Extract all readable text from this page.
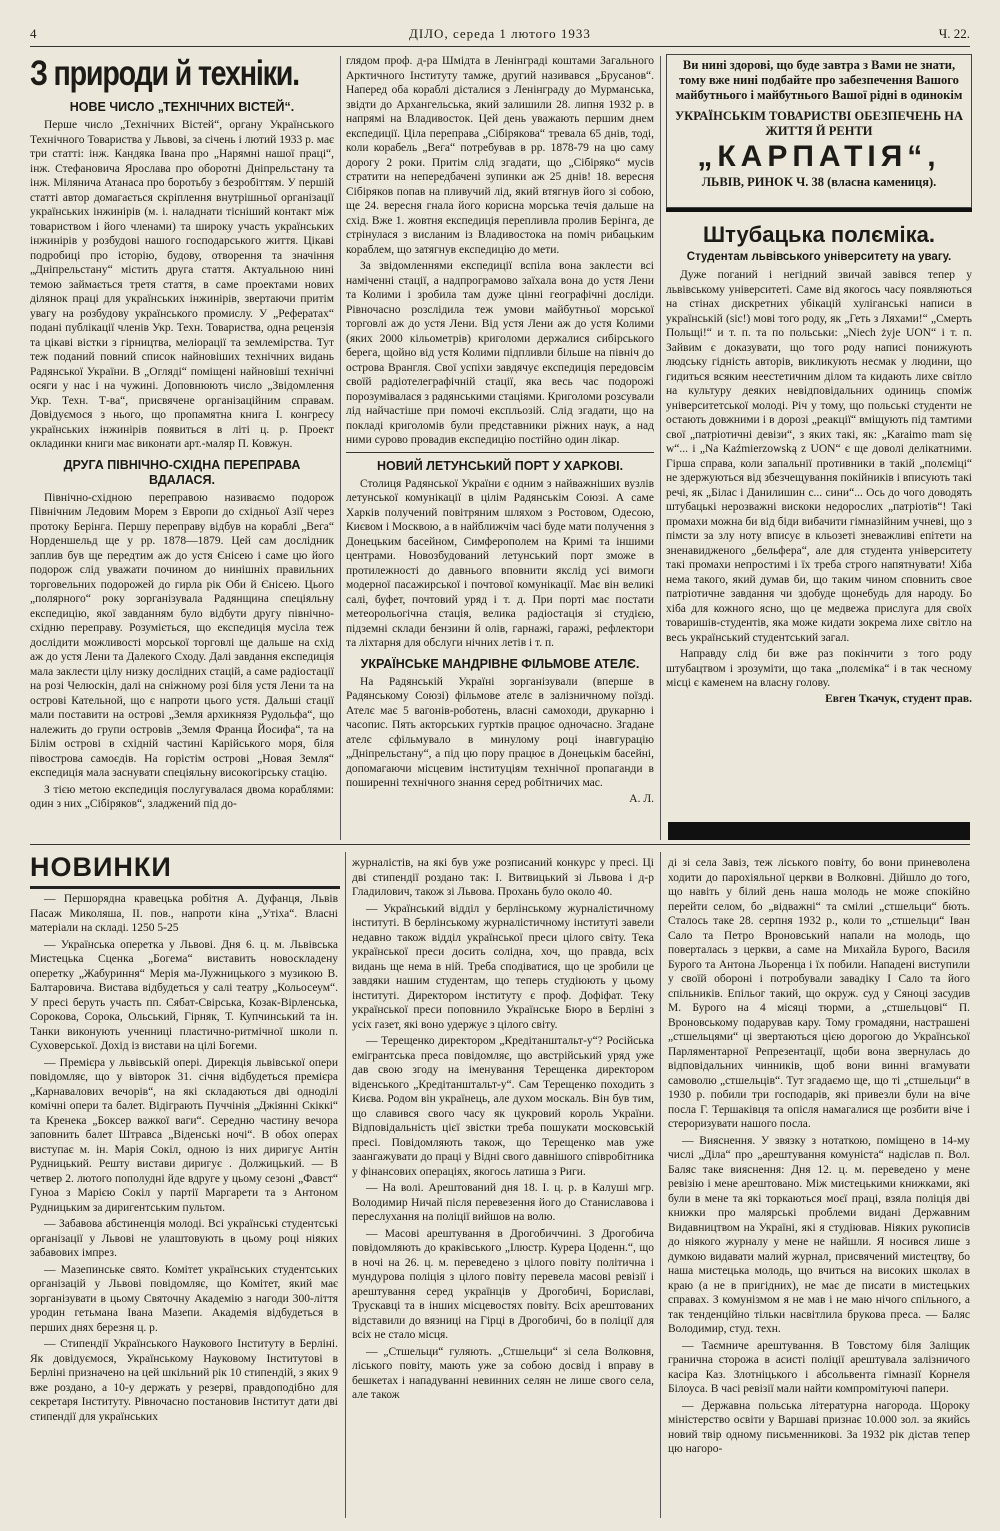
4	ДІЛО, середа 1 лютого 1933	Ч. 22.
З природи й техніки.
НОВЕ ЧИСЛО „ТЕХНІЧНИХ ВІСТЕЙ“.

Перше число „Технічних Вістей“, органу Українського Технічного Товариства у Львові, за січень і лютий 1933 р. має три статті: інж. Кандяка Івана про „Нарямні нашої праці“, інж. Стефановича Ярослава про оборотні Дніпрельстану та інж. Мілянича Атанаса про боротьбу з безробіттям. У першій статті автор домагається скріплення внутрішньої організації українських інжинірів (м. і. наладнати тісніший контакт між товариством і його членами) та широку участь українських інжинірів у розбудові нашого господарського життя. Цікаві подробиці про історію, будову, отворення та значіння „Дніпрельстану“ містить друга стаття. Актуальною нині темою займається третя стаття, в саме проектами нових ділянок праці для українських інжинірів, звертаючи притім увагу на розбудову українського промислу. У „Рефератах“ подані публікації членів Укр. Техн. Товариства, одна рецензія та цікаві вістки з гірництва, меліорації та землемірства. Тут теж поданий повний список найновіших технічних видань Радянської України. В „Огляді“ поміщені найновіші технічні осяги у нас і на чужині. Доповнюють число „Звідомлення Укр. Техн. Т-ва“, присвячене організаційним справам. Довідуємося з нього, що пропамятна книга І. конгресу українських інжинірів появиться в літі ц. р. Проект окладинки книги має виконати арт.-маляр П. Ковжун.

ДРУГА ПІВНІЧНО-СХІДНА ПЕРЕПРАВА ВДАЛАСЯ.

Північно-східною переправою називаємо подорож Північним Ледовим Морем з Европи до східньої Азії через протоку Берінга. Першу переправу відбув на кораблі „Вега“ Норденшельд ще у рр. 1878—1879. Цей сам дослідник заплив був ще передтим аж до устя Єнісею і саме цю його подорож слід уважати почином до нинішніх правильних торговельних подорожей до гирла рік Оби й Єнісею. Цього „полярного“ року зорганізувала Радянщина спеціяльну експедицію, якої завданням було відбути другу північно-східню переправу. Розуміється, що експедиція мусіла теж дослідити можливості морської торговлі ще дальше на схід аж до устя Лени та Далекого Сходу. Далі завдання експедиція мала заклести цілу низку дослідних стацій, а саме радіостації на розі Челюскін, далі на сніжному розі біля устя Лени та на острові Кательной, що є напроти цього устя. Дальші стації мали поставити на острові „Земля архикнязя Рудольфа“, що належить до групи островів „Земля Франца Йосифа“, та на Білім острові в східній частині Карійського моря, біля півострова самоєдів. На горістім острові „Новая Земля“ експедиція мала заснувати спеціяльну високогірську стацію.

З тією метою експедиція послугувалася двома кораблями: один з них „Сібіряков“, зладжений під до-

глядом проф. д-ра Шмідта в Ленінграді коштами Загального Арктичного Інституту тамже, другий називався „Брусанов“. Наперед оба кораблі дісталися з Ленінграду до Мурманська, звідти до Архангельська, який залишили 28. липня 1932 р. в напрямі на Владивосток. Цей день уважають першим днем експедиції. Ціла переправа „Сібірякова“ тревала 65 днів, тоді, коли корабель „Вега“ потребував в рр. 1878-79 на цю саму дорогу 2 роки. Притім слід згадати, що „Сібіряко“ мусів стратити на непередбачені зупинки аж 25 днів! 18. вересня Сібіряков попав на пливучий лід, який втягнув його зі собою, ще 24. вересня гнала його корисна морська течія дальше на схід. Вже 1. жовтня експедиція перепливла пролив Берінга, де стрінулася з висланим із Владивостока на поміч рибацьким кораблем, що затягнув експедицію до мети.

За звідомленнями експедиції вспіла вона заклести всі наміченні стації, а надпрограмово заїхала вона до устя Лени та Колими і зробила там дуже цінні географічні досліди. Рівночасно розслідила теж умови майбутньої морської торговлі аж до устя Лени. Від устя Лени аж до устя Колими (яких 2000 кільометрів) криголоми держалися сибірського берега, щойно від устя Колими підпливли більше на північ до острова Врангля. Свої успіхи завдячує експедиція передовсім своїй радіотелеграфічній стації, яка весь час подорожі порозумівалася з радянськими стаціями. Криголоми розсували лід найчастіше при помочі експльозій. Слід згадати, що на покладі криголомів були представники ріжних наук, а над ними сурово провадив експедицію постійно один лікар.

НОВИЙ ЛЕТУНСЬКИЙ ПОРТ У ХАРКОВІ.

Столиця Радянської України є одним з найважніших вузлів летунської комунікації в цілім Радянськім Союзі. А саме Харків получений повітряним шляхом з Ростовом, Одесою, Києвом і Москвою, а в найближчім часі буде мати получення з Донецьким басейном, Симферополем на Кримі та іншими центрами. Новозбудований летунський порт зможе в протилежності до давнього вповнити якслід усі вимоги модерної пасажирської і почтової комунікації. Має він великі салі, буфет, почтовий уряд і т. д. При порті має постати метеорольогічна стація, велика радіостація зі студією, підземні склади бензини й олів, гарнажі, гаражі, рефлектори та ліхтарня для обслуги нічних летів і т. п.

УКРАЇНСЬКЕ МАНДРІВНЕ ФІЛЬМОВЕ АТЕЛЄ.

На Радянській Україні зорганізували (вперше в Радянському Союзі) фільмове ателє в залізничному поїзді. Ателє має 5 вагонів-роботень, власні самоходи, друкарню і часопис. Пять акторських гуртків працює одночасно. Згадане ателє сфільмувало в минулому році інавгурацію „Дніпрельстану“, а під цю пору працює в Донецькім басейні, допомагаючи місцевим інституціям технічної пропаганди в поширенні технічного знання серед робітничих мас.

А. Л.
Ви нині здорові, що буде завтра з Вами не знати, тому вже нині подбайте про забезпечення Вашого майбутнього і майбутнього Вашої рідні в одинокім
УКРАЇНСЬКІМ ТОВАРИСТВІ ОБЕЗПЕЧЕНЬ НА ЖИТТЯ Й РЕНТИ
„КАРПАТІЯ“,
ЛЬВІВ, РИНОК Ч. 38 (власна камениця).
Штубацька полєміка.
Студентам львівського університету на увагу.

Дуже поганий і негідний звичай завівся тепер у львівському університеті. Саме від якогось часу появляються на стінах дискретних убікацій хуліганські написи в українській (sic!) мові того роду, як „Геть з Ляхами!“ „Смерть Польщі!“ и т. п. та по польськи: „Niech żyje UON“ і т. п. Зайвим є доказувати, що того роду написі понижують людську гідність авторів, викликують несмак у людини, що гидиться всяким неестетичним ділом та кидають лихе світло на культуру деяких невідповідальних одиниць споміж університетської молоді. Річ у тому, що польські студенти не остають довжними і в дорозі „реакції“ вміщують під тамтими свої „патріотичні девізи“, з яких такі, як: „Karaimo mam się w“... і „Na Kaźmierzowską z UON“ є ще доволі делікатними. Гірша справа, коли запальнії противники в такій „полєміці“ не здержуються від збезчещування покійників і вписують такі речі, як „Білас і Данилишин с... сини“... Ось до чого доводять штубацькі нерозважні вискоки недорослих „патріотів“! Такі промахи можна би від біди вибачити гімназійним учневі, що з пімсти за злу ноту вписує в кльозеті зневажливі епітети на зненавидженого „бельфера“, але для студента університету такі промахи непростимі і їх треба строго напятнувати! Хіба нема такого, який думав би, що таким чином сповнить свое патріотичне завдання чи здобуде щонебудь для народу. Бо хіба для кожного ясно, що це медвежа прислуга для своїх товаришів-студентів, яка може кидати зокрема лихе світло на весь український студентський загал.

Направду слід би вже раз покінчити з того роду штубацтвом і зрозуміти, що така „полєміка“ і в так чесному місці є каменем на власну голову.

Евген Ткачук, студент прав.
НОВИНКИ

— Першорядна кравецька робітня А. Дуфанця, Львів Пасаж Миколяша, II. пов., напроти кіна „Утіха“. Власні матеріали на складі. 1250 5-25

— Українська оперетка у Львові. Дня 6. ц. м. Львівська Мистецька Сценка „Богема“ виставить новосклaдену оперетку „Жабуриння“ Мерія ма-Лужницького з музикою В. Балтаровича. Вистава відбудеться у салі театру „Кольосеум“. У пресі беруть участь пп. Сябат-Свірська, Козак-Вірленська, Сорокова, Сорока, Ольський, Гірняк, Т. Купчинський та ін. Танки виконують ученниці пластично-ритмічної школи п. Суховерської. Дохід із вистави на цілі Богеми.

— Премієра у львівській опері. Дирекція львівської опери повідомляє, що у вівторок 31. січня відбудеться премієра „Карнавалових вечорів“, на які складаються дві одноділі комічні опери та балет. Відіграють Пуччінія „Джіянні Скіккі“ та Кренека „Боксер важкої ваги“. Середню частину вечора заповнить балет Штравса „Віденські ночі“. В обох операх виступає м. ін. Марія Сокіл, одною із них диригує Антін Рудницький. Решту вистави диригує . Должицький. — В четвер 2. лютого пополудні йде вдруге у цьому сезоні „Фавст“ Гуноа з Марією Сокіл у партії Маргарети та з Антоном Рудницьким за диригентським пультом.

— Забавова абстиненція молоді. Всі українські студентські організації у Львові не улаштовують в цьому році ніяких забавових імпрез.

— Мазепинське свято. Комітет українських студентських організацій у Львові повідомляє, що Комітет, який має зорганізувати в цьому Святочну Академію з нагоди 300-ліття уродин гетьмана Івана Мазепи. Академія відбудеться в перших днях березня ц. р.

— Стипендії Українського Наукового Інституту в Берліні. Як довідуємося, Українському Науковому Інститутові в Берліні призначено на цей шкільний рік 10 стипендій, з яких 9 вже роздано, а 10-у держать у резерві, правдоподібно для секретаря Інституту. Рівночасно постановив Інститут дати дві стипендії для українських

журналістів, на які був уже розписаний конкурс у пресі. Ці дві стипендії роздано так: І. Витвицький зі Львова і д-р Гладилович, також зі Львова. Прохань було около 40.

— Український відділ у берлінському журналістичному інституті. В берлінському журналістичному інституті завели недавно також відділ української преси цілого світу. Тека української преси досить солідна, хоч, що правда, всіх видань ще нема в ній. Треба сподіватися, що це зробили це завдяки нашим студентам, що теперь студіюють у цьому інституті. Директором інституту є проф. Дофіфат. Теку української преси поповнило Українське Бюро в Берліні з усіх газет, які воно удержує з цілого світу.

— Терещенко директором „Кредітанштальт-у“? Російська емігрантська преса повідомляє, що австрійський уряд уже дав свою згоду на іменування Терещенка директором віденського „Кредітанштальт-у“. Сам Терещенко походить з Києва. Родом він українець, але духом москаль. Він був тим, що славився свого часу як цукровий король України. Відповідальність цієї звістки треба пошукати московській пресі. Повідомляють також, що Терещенко мав уже заангажувати до праці у Відні свого давнішого співробітника у фінансових операціях, якогось латиша з Риги.

— На волі. Арештований дня 18. І. ц. р. в Калуші мгр. Володимир Ничай після перевезення його до Станиславова і переслухання на поліції вийшов на волю.

— Масові арештування в Дрогобиччині. З Дрогобича повідомляють до краківського „Ілюстр. Курера Цоденн.“, що в ночі на 26. ц. м. переведено з цілого повіту політична і мундурова поліція з цілого повіту перевела масові ревізії і арештування серед українців у Дрогобичі, Бориславі, Трускавці та в інших місцевостях повіту. Всіх арештованих відставили до вязниці на Гірці в Дрогобичі, бо в поліції для всіх не стало місця.

— „Стшельци“ гуляють. „Стшельци“ зі села Волковня, ліського повіту, мають уже за собою досвід і вправу в бешкетах і нападуванні невинних селян не лише свого села, але також

ді зі села Завіз, теж ліського повіту, бо вони приневолена ходити до парохіяльної церкви в Волковні. Дійшло до того, що навіть у білий день наша молодь не може спокійно перейти селом, бо „відважні“ та смілиі „стшельци“ бють. Сталось таке 28. серпня 1932 р., коли то „стшельци“ Іван Сало та Петро Вроновський напали на молодь, що поверталась з церкви, а саме на Михайла Бурого, Василя Бурого та Антона Льоренца і їх побили. Нападені виступили у своїй обороні і потробували завадіку І Сало та його спільників. Епільог такий, що окруж. суд у Сяноці засудив М. Бурого на 4 місяці тюрми, а „стшельцові“ П. Вроновському подарував кару. Тому громадяни, настрашені „стшельцями“ ці звертаються цією дорогою до Української Парляментарної Репрезентації, щоби вона звернулась до відповідальних чинників, щоб вони винні вгамувати самоволю „стшельців“. Тут згадаємо ще, що ті „стшельци“ в 1930 р. побили три господарів, які привезли були на віче посла Г. Тершаківця та опісля намагалися ще розбити віче і стероризувати нашого посла.

— Вияснення. У звязку з нотаткою, поміщено в 14-му числі „Діла“ про „арештування комуніста“ надіслав п. Вол. Баляс таке вияснення: Дня 12. ц. м. переведено у мене ревізію і мене арештовано. Між мистецькими книжками, які були в мене та які торкаються моєї праці, взяла поліція дві книжки про малярські проблеми видані Державним Видавництвом на Україні, які я студіював. Ніяких рукописів до ніякого журналу у мене не найшли. Я носився лише з думкою видавати малий журнал, присвячений мистецтву, бо наша мистецька молодь, що вчиться на високих школах в краю (а не в пригідних), не має де писати в мистецьких справах. З комунізмом я не мав і не маю нічого спільного, а так тенденційно тільки насвітлила брукова преса. — Баляс Володимир, студ. техн.

— Таємниче арештування. В Товстому біля Заліщик гранична сторожа в асисті поліції арештувала залізничого касіра Каз. Злотніцького і абсольвента гімназії Корнеля Білоуса. В часі ревізії мали найти компромітуючі папери.

— Державна польська літературна нагорода. Щороку міністерство освіти у Варшаві признає 10.000 зол. за якийсь новий твір одному письменникові. За 1932 рік дістав тепер цю нагоро-
